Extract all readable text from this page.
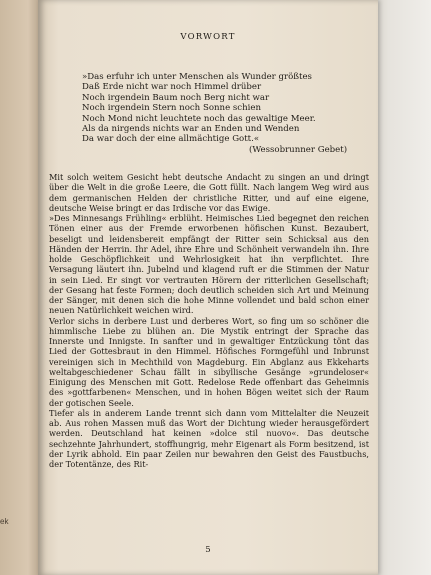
ek
VORWORT
»Das erfuhr ich unter Menschen als Wunder größtes
Daß Erde nicht war noch Himmel drüber
Noch irgendein Baum noch Berg nicht war
Noch irgendein Stern noch Sonne schien
Noch Mond nicht leuchtete noch das gewaltige Meer.
Als da nirgends nichts war an Enden und Wenden
Da war doch der eine allmächtige Gott.«
(Wessobrunner Gebet)

Mit solch weitem Gesicht hebt deutsche Andacht zu singen an und dringt über die Welt in die große Leere, die Gott füllt. Nach langem Weg wird aus dem germanischen Helden der christliche Ritter, und auf eine eigene, deutsche Weise bringt er das Irdische vor das Ewige.

»Des Minnesangs Frühling« erblüht. Heimisches Lied begegnet den reichen Tönen einer aus der Fremde erworbenen höfischen Kunst. Bezaubert, beseligt und leidensbereit empfängt der Ritter sein Schicksal aus den Händen der Herrin. Ihr Adel, ihre Ehre und Schönheit verwandeln ihn. Ihre holde Geschöpflichkeit und Wehrlosigkeit hat ihn verpflichtet. Ihre Versagung läutert ihn. Jubelnd und klagend ruft er die Stimmen der Natur in sein Lied. Er singt vor vertrauten Hörern der ritterlichen Gesellschaft; der Gesang hat feste Formen; doch deutlich scheiden sich Art und Meinung der Sänger, mit denen sich die hohe Minne vollendet und bald schon einer neuen Natürlichkeit weichen wird.

Verlor sichs in derbere Lust und derberes Wort, so fing um so schöner die himmlische Liebe zu blühen an. Die Mystik entringt der Sprache das Innerste und Innigste. In sanfter und in gewaltiger Entzückung tönt das Lied der Gottesbraut in den Himmel. Höfisches Formgefühl und Inbrunst vereinigen sich in Mechthild von Magdeburg. Ein Abglanz aus Ekkeharts weltabgeschiedener Schau fällt in sibyllische Gesänge »grundeloser« Einigung des Menschen mit Gott. Redelose Rede offenbart das Geheimnis des »gottfarbenen« Menschen, und in hohen Bögen weitet sich der Raum der gotischen Seele.

Tiefer als in anderem Lande trennt sich dann vom Mittelalter die Neuzeit ab. Aus rohen Massen muß das Wort der Dichtung wieder herausgefördert werden. Deutschland hat keinen »dolce stil nuovo«. Das deutsche sechzehnte Jahrhundert, stoffhungrig, mehr Eigenart als Form besitzend, ist der Lyrik abhold. Ein paar Zeilen nur bewahren den Geist des Faustbuchs, der Totentänze, des Rit-

5
